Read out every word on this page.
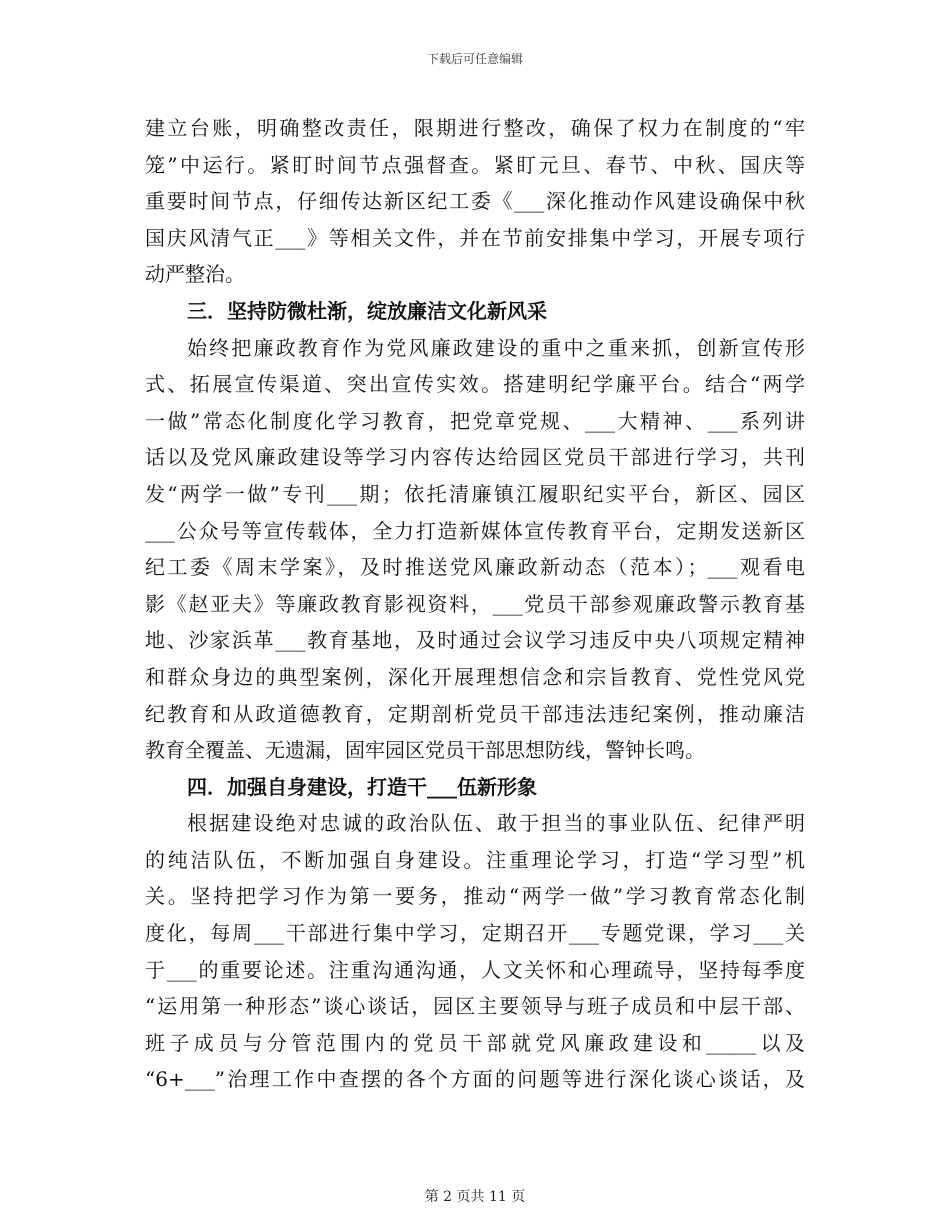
下载后可任意编辑
建立台账，明确整改责任，限期进行整改，确保了权力在制度的“牢
笼”中运行。紧盯时间节点强督查。紧盯元旦、春节、中秋、国庆等
重要时间节点，仔细传达新区纪工委《___深化推动作风建设确保中秋
国庆风清气正___》等相关文件，并在节前安排集中学习，开展专项行
动严整治。
三．坚持防微杜渐，绽放廉洁文化新风采
始终把廉政教育作为党风廉政建设的重中之重来抓，创新宣传形
式、拓展宣传渠道、突出宣传实效。搭建明纪学廉平台。结合“两学
一做”常态化制度化学习教育，把党章党规、___大精神、___系列讲
话以及党风廉政建设等学习内容传达给园区党员干部进行学习，共刊
发“两学一做”专刊___期；依托清廉镇江履职纪实平台，新区、园区
___公众号等宣传载体，全力打造新媒体宣传教育平台，定期发送新区
纪工委《周末学案》，及时推送党风廉政新动态（范本）；___观看电
影《赵亚夫》等廉政教育影视资料，___党员干部参观廉政警示教育基
地、沙家浜革___教育基地，及时通过会议学习违反中央八项规定精神
和群众身边的典型案例，深化开展理想信念和宗旨教育、党性党风党
纪教育和从政道德教育，定期剖析党员干部违法违纪案例，推动廉洁
教育全覆盖、无遗漏，固牢园区党员干部思想防线，警钟长鸣。
四．加强自身建设，打造干___伍新形象
根据建设绝对忠诚的政治队伍、敢于担当的事业队伍、纪律严明
的纯洁队伍，不断加强自身建设。注重理论学习，打造“学习型”机
关。坚持把学习作为第一要务，推动“两学一做”学习教育常态化制
度化，每周___干部进行集中学习，定期召开___专题党课，学习___关
于___的重要论述。注重沟通沟通，人文关怀和心理疏导，坚持每季度
“运用第一种形态”谈心谈话，园区主要领导与班子成员和中层干部、
班子成员与分管范围内的党员干部就党风廉政建设和_____以及
“6+___”治理工作中查摆的各个方面的问题等进行深化谈心谈话，及
第 2 页共 11 页
